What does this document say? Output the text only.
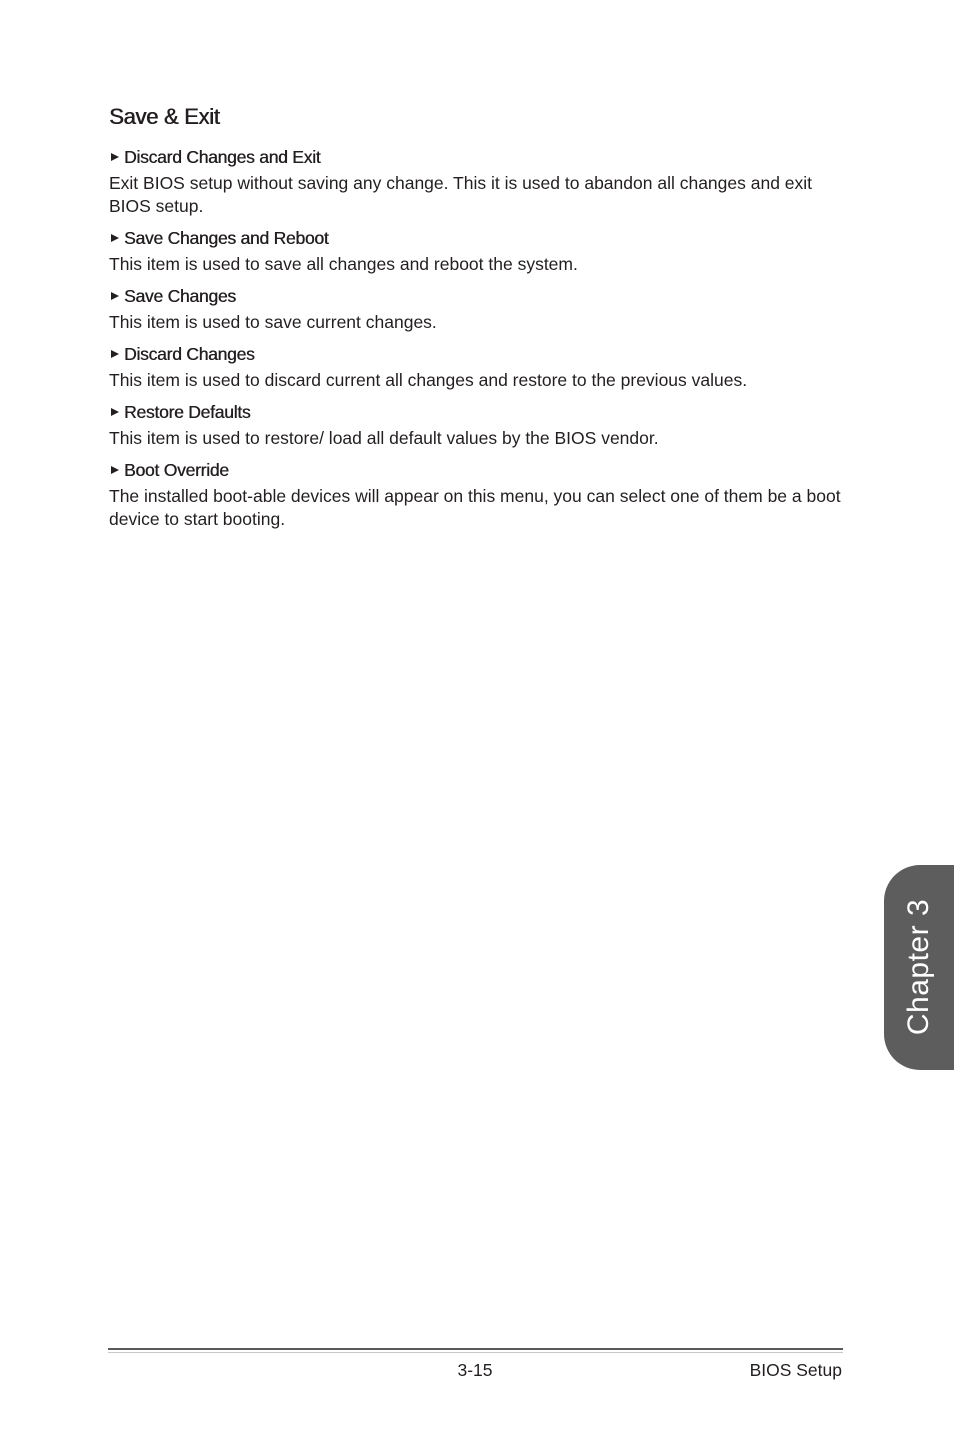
Save & Exit
Discard Changes and Exit

Exit BIOS setup without saving any change. This it is used to abandon all changes and exit BIOS setup.

Save Changes and Reboot

This item is used to save all changes and reboot the system.

Save Changes

This item is used to save current changes.

Discard Changes

This item is used to discard current all changes and restore to the previous values.

Restore Defaults

This item is used to restore/ load all default values by the BIOS vendor.

Boot Override

The installed boot-able devices will appear on this menu, you can select one of them be a boot device to start booting.

Chapter 3
3-15	BIOS Setup
